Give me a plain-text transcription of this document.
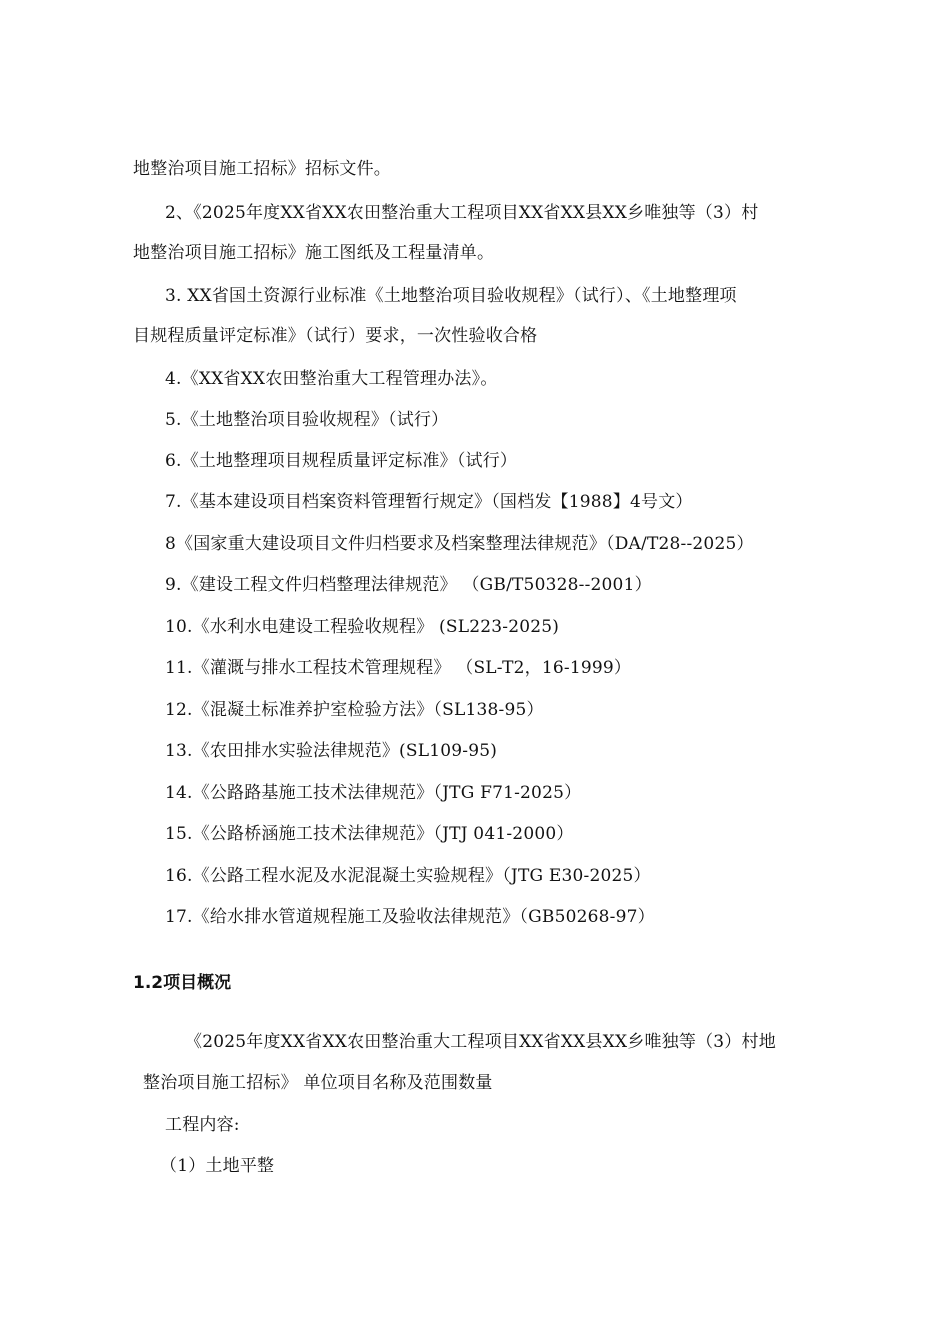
地整治项目施工招标》招标文件。
2、《2025年度XX省XX农田整治重大工程项目XX省XX县XX乡唯独等（3）村
地整治项目施工招标》施工图纸及工程量清单。
3. XX省国土资源行业标准《土地整治项目验收规程》（试行）、《土地整理项
目规程质量评定标准》（试行）要求，一次性验收合格
4.《XX省XX农田整治重大工程管理办法》。
5.《土地整治项目验收规程》（试行）
6.《土地整理项目规程质量评定标准》（试行）
7.《基本建设项目档案资料管理暂行规定》（国档发【1988】4号文）
8《国家重大建设项目文件归档要求及档案整理法律规范》（DA/T28--2025）
9.《建设工程文件归档整理法律规范》 （GB/T50328--2001）
10.《水利水电建设工程验收规程》 (SL223-2025)
11.《灌溉与排水工程技术管理规程》 （SL-T2，16-1999）
12.《混凝土标准养护室检验方法》（SL138-95）
13.《农田排水实验法律规范》(SL109-95)
14.《公路路基施工技术法律规范》（JTG F71-2025）
15.《公路桥涵施工技术法律规范》（JTJ 041-2000）
16.《公路工程水泥及水泥混凝土实验规程》（JTG E30-2025）
17.《给水排水管道规程施工及验收法律规范》（GB50268-97）
1.2项目概况
《2025年度XX省XX农田整治重大工程项目XX省XX县XX乡唯独等（3）村地
整治项目施工招标》 单位项目名称及范围数量
工程内容:
（1）土地平整
